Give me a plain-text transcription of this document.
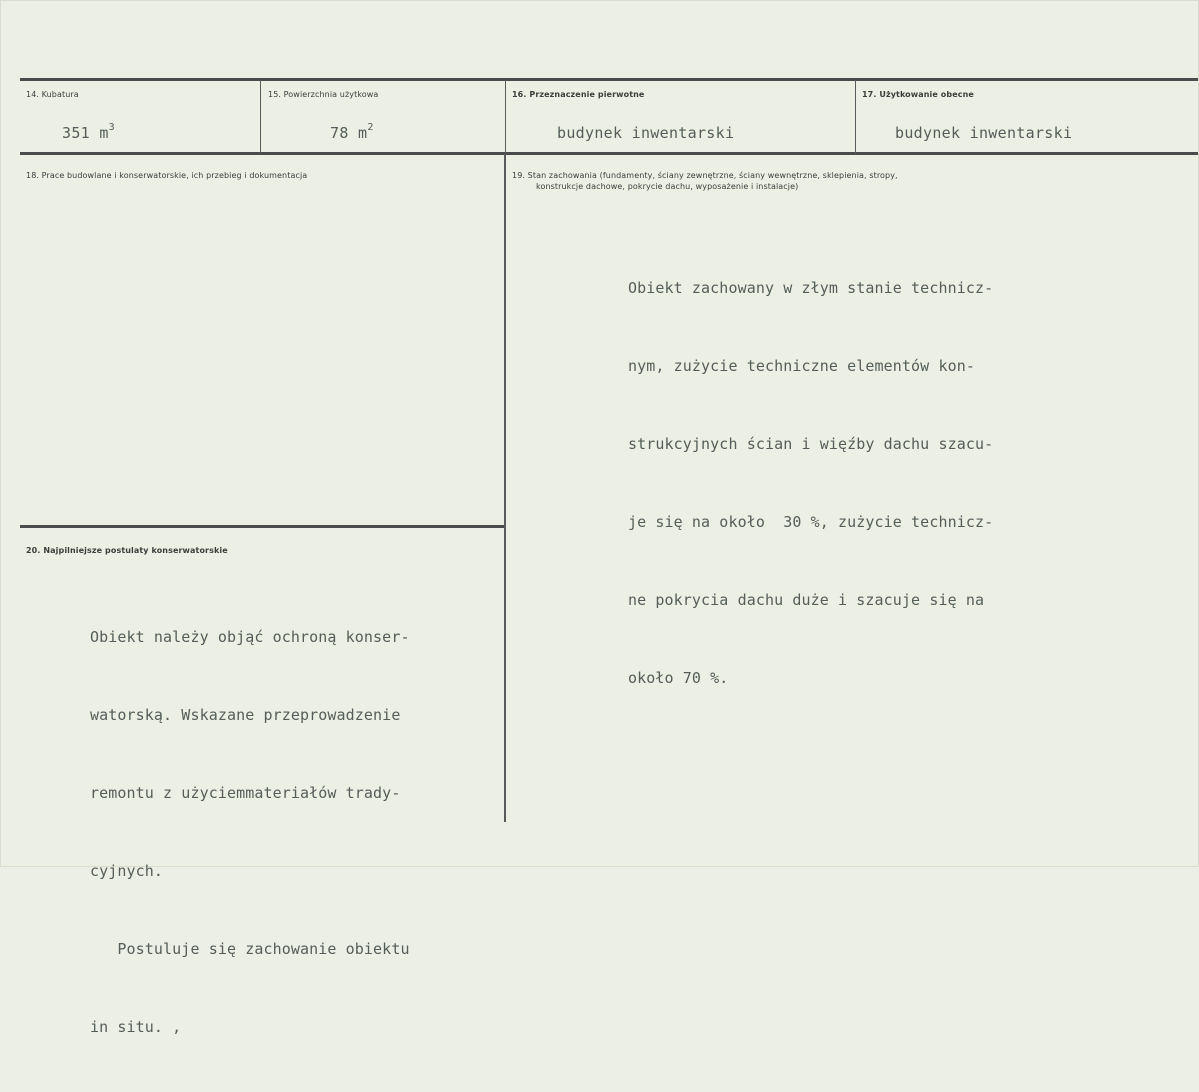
14. Kubatura
351 $m^3$
15. Powierzchnia użytkowa
78 $m^2$
16. Przeznaczenie pierwotne
budynek inwentarski
17. Użytkowanie obecne
budynek inwentarski
18. Prace budowlane i konserwatorskie, ich przebieg i dokumentacja	19. Stan zachowania (fundamenty, ściany zewnętrzne, ściany wewnętrzne, sklepienia, stropy,
konstrukcje dachowe, pokrycie dachu, wyposażenie i instalacje)

Obiekt zachowany w złym stanie technicz-

nym, zużycie techniczne elementów kon-

strukcyjnych ścian i więźby dachu szacu-

je się na około  30 %, zużycie technicz-

ne pokrycia dachu duże i szacuje się na

około 70 %.

20. Najpilniejsze postulaty konserwatorskie

Obiekt należy objąć ochroną konser-

watorską. Wskazane przeprowadzenie

remontu z użyciemmateriałów tradу-

cyjnych.

Postuluje się zachowanie obiektu

in situ. ,
